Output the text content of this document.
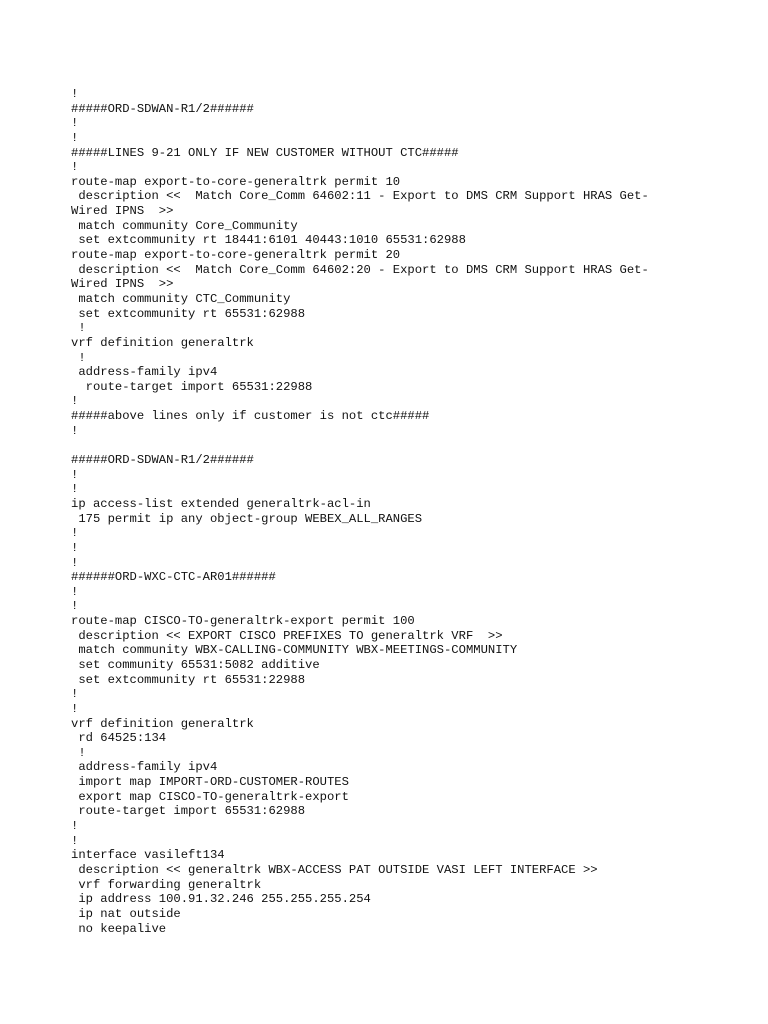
!
#####ORD-SDWAN-R1/2######
!
!
#####LINES 9-21 ONLY IF NEW CUSTOMER WITHOUT CTC#####
!
route-map export-to-core-generaltrk permit 10
description <<  Match Core_Comm 64602:11 - Export to DMS CRM Support HRAS Get-
Wired IPNS  >>
match community Core_Community
set extcommunity rt 18441:6101 40443:1010 65531:62988
route-map export-to-core-generaltrk permit 20
description <<  Match Core_Comm 64602:20 - Export to DMS CRM Support HRAS Get-
Wired IPNS  >>
match community CTC_Community
set extcommunity rt 65531:62988
!
vrf definition generaltrk
!
address-family ipv4
route-target import 65531:22988
!
#####above lines only if customer is not ctc#####
!
#####ORD-SDWAN-R1/2######
!
!
ip access-list extended generaltrk-acl-in
175 permit ip any object-group WEBEX_ALL_RANGES
!
!
!
######ORD-WXC-CTC-AR01######
!
!
route-map CISCO-TO-generaltrk-export permit 100
description << EXPORT CISCO PREFIXES TO generaltrk VRF  >>
match community WBX-CALLING-COMMUNITY WBX-MEETINGS-COMMUNITY
set community 65531:5082 additive
set extcommunity rt 65531:22988
!
!
vrf definition generaltrk
rd 64525:134
!
address-family ipv4
import map IMPORT-ORD-CUSTOMER-ROUTES
export map CISCO-TO-generaltrk-export
route-target import 65531:62988
!
!
interface vasileft134
description << generaltrk WBX-ACCESS PAT OUTSIDE VASI LEFT INTERFACE >>
vrf forwarding generaltrk
ip address 100.91.32.246 255.255.255.254
ip nat outside
no keepalive
